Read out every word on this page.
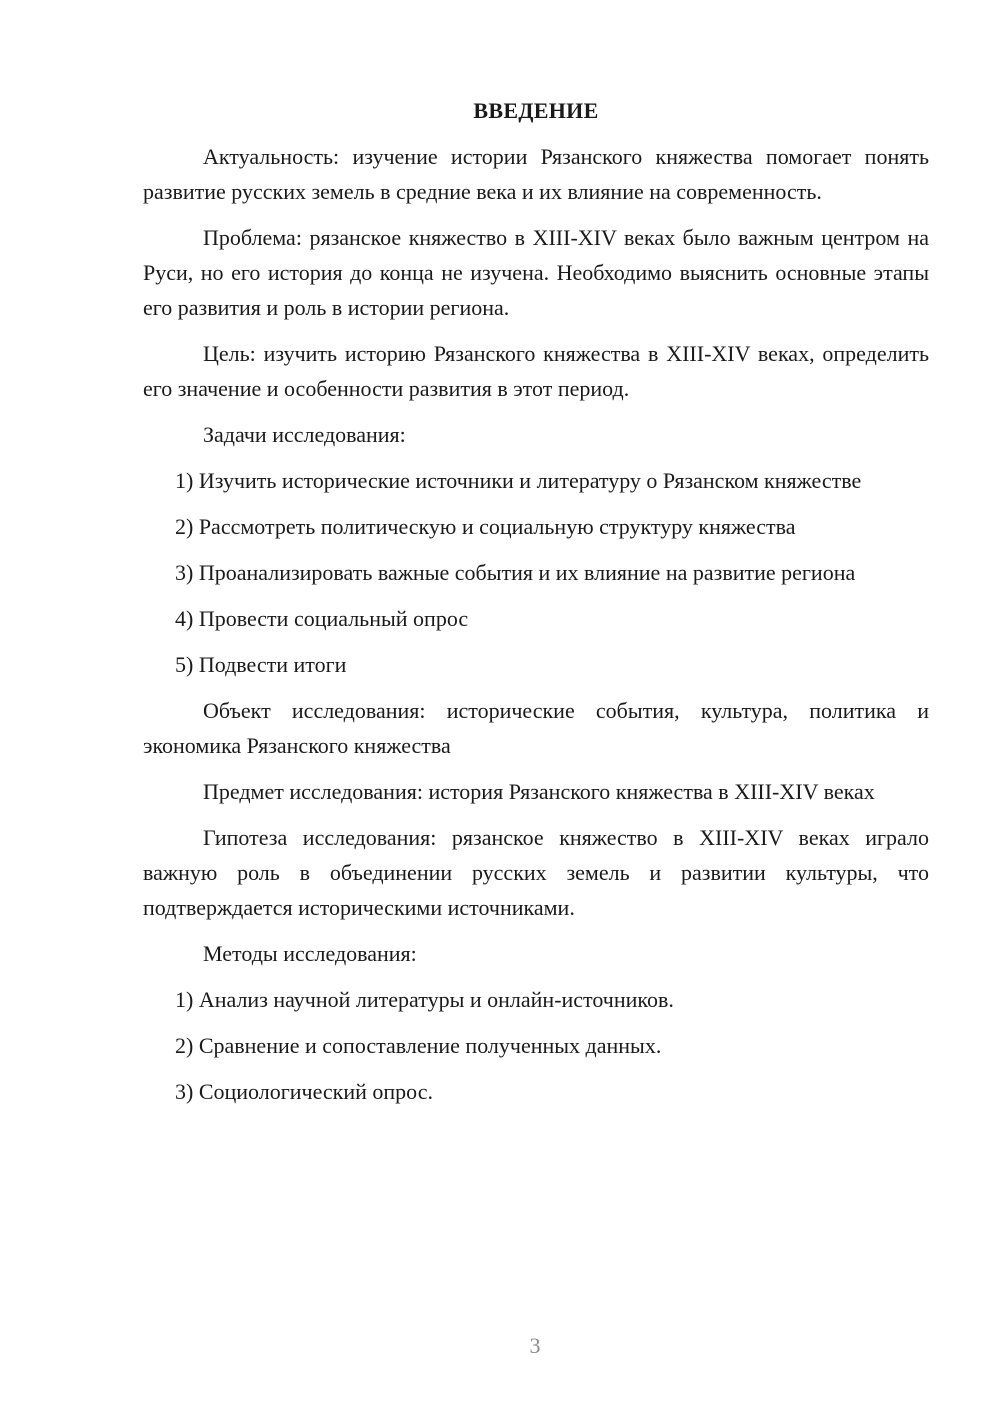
ВВЕДЕНИЕ

Актуальность: изучение истории Рязанского княжества помогает понять развитие русских земель в средние века и их влияние на современность.

Проблема: рязанское княжество в XIII-XIV веках было важным центром на Руси, но его история до конца не изучена. Необходимо выяснить основные этапы его развития и роль в истории региона.

Цель: изучить историю Рязанского княжества в XIII-XIV веках, определить его значение и особенности развития в этот период.

Задачи исследования:

1) Изучить исторические источники и литературу о Рязанском княжестве

2) Рассмотреть политическую и социальную структуру княжества

3) Проанализировать важные события и их влияние на развитие региона

4) Провести социальный опрос

5) Подвести итоги

Объект исследования: исторические события, культура, политика и экономика Рязанского княжества

Предмет исследования: история Рязанского княжества в XIII-XIV веках

Гипотеза исследования: рязанское княжество в XIII-XIV веках играло важную роль в объединении русских земель и развитии культуры, что подтверждается историческими источниками.

Методы исследования:

1) Анализ научной литературы и онлайн-источников.

2) Сравнение и сопоставление полученных данных.

3) Социологический опрос.

3
